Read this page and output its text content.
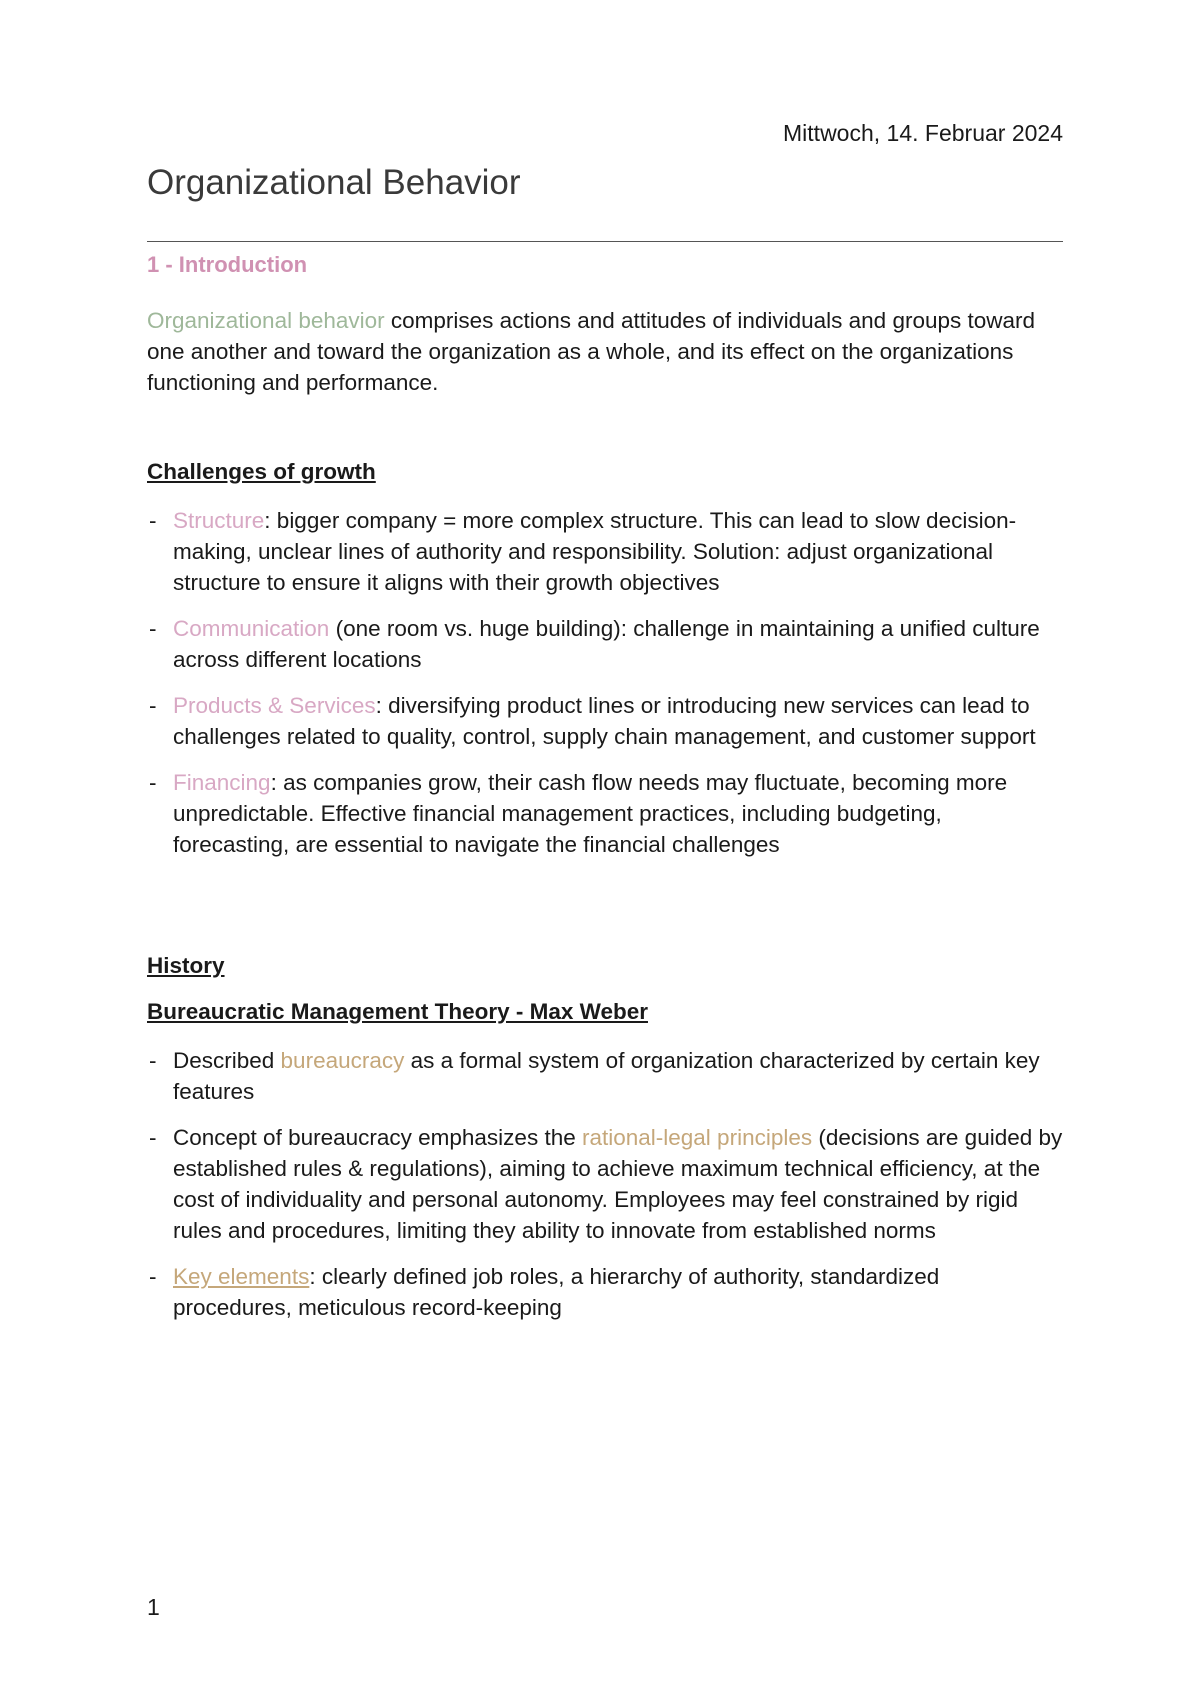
Mittwoch, 14. Februar 2024
Organizational Behavior
1 - Introduction

Organizational behavior comprises actions and attitudes of individuals and groups toward one another and toward the organization as a whole, and its effect on the organizations functioning and performance.

Challenges of growth
- Structure: bigger company = more complex structure. This can lead to slow decision-making, unclear lines of authority and responsibility. Solution: adjust organizational structure to ensure it aligns with their growth objectives
- Communication (one room vs. huge building): challenge in maintaining a unified culture across different locations
- Products & Services: diversifying product lines or introducing new services can lead to challenges related to quality, control, supply chain management, and customer support
- Financing: as companies grow, their cash flow needs may fluctuate, becoming more unpredictable. Effective financial management practices, including budgeting, forecasting, are essential to navigate the financial challenges
History
Bureaucratic Management Theory - Max Weber
- Described bureaucracy as a formal system of organization characterized by certain key features
- Concept of bureaucracy emphasizes the rational-legal principles (decisions are guided by established rules & regulations), aiming to achieve maximum technical efficiency, at the cost of individuality and personal autonomy. Employees may feel constrained by rigid rules and procedures, limiting they ability to innovate from established norms
- Key elements: clearly defined job roles, a hierarchy of authority, standardized procedures, meticulous record-keeping
1
